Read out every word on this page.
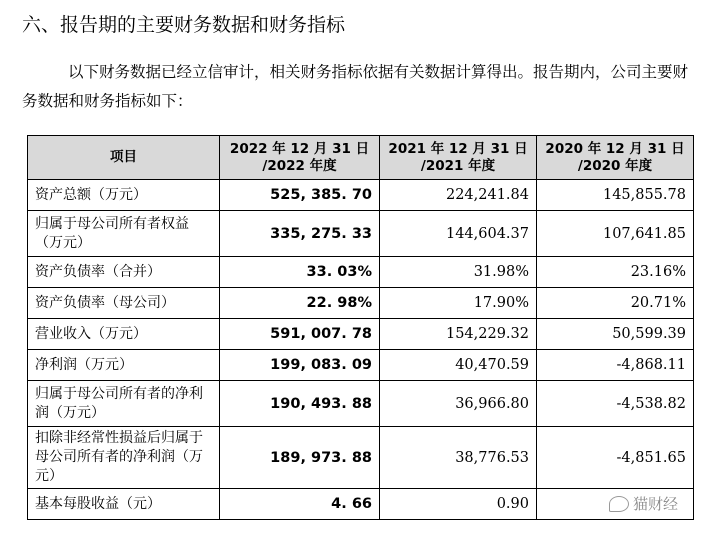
六、报告期的主要财务数据和财务指标
以下财务数据已经立信审计，相关财务指标依据有关数据计算得出。报告期内，公司主要财务数据和财务指标如下：
项目	2022 年 12 月 31 日 /2022 年度	2021 年 12 月 31 日 /2021 年度	2020 年 12 月 31 日 /2020 年度
资产总额（万元）	525, 385. 70	224,241.84	145,855.78
归属于母公司所有者权益（万元）	335, 275. 33	144,604.37	107,641.85
资产负债率（合并）	33. 03%	31.98%	23.16%
资产负债率（母公司）	22. 98%	17.90%	20.71%
营业收入（万元）	591, 007. 78	154,229.32	50,599.39
净利润（万元）	199, 083. 09	40,470.59	-4,868.11
归属于母公司所有者的净利润（万元）	190, 493. 88	36,966.80	-4,538.82
扣除非经常性损益后归属于母公司所有者的净利润（万元）	189, 973. 88	38,776.53	-4,851.65
基本每股收益（元）	4. 66	0.90		猫财经
